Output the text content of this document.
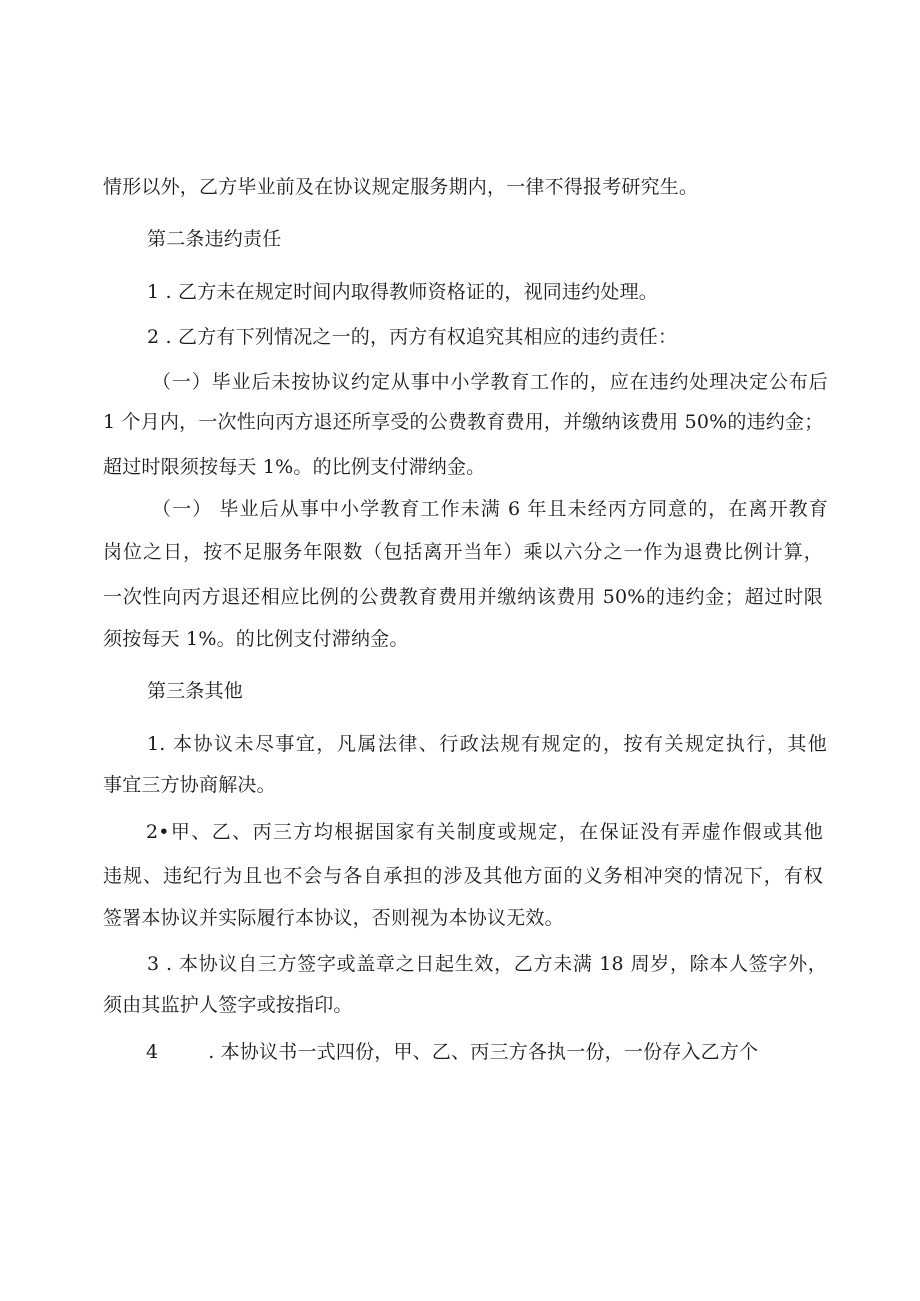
情形以外，乙方毕业前及在协议规定服务期内，一律不得报考研究生。
第二条违约责任
1 . 乙方未在规定时间内取得教师资格证的，视同违约处理。
2 . 乙方有下列情况之一的，丙方有权追究其相应的违约责任：
（一）毕业后未按协议约定从事中小学教育工作的，应在违约处理决定公布后
1 个月内，一次性向丙方退还所享受的公费教育费用，并缴纳该费用 50%的违约金；
超过时限须按每天 1%。的比例支付滞纳金。
（一） 毕业后从事中小学教育工作未满 6 年且未经丙方同意的，在离开教育
岗位之日，按不足服务年限数（包括离开当年）乘以六分之一作为退费比例计算，
一次性向丙方退还相应比例的公费教育费用并缴纳该费用 50%的违约金；超过时限
须按每天 1%。的比例支付滞纳金。
第三条其他
1. 本协议未尽事宜，凡属法律、行政法规有规定的，按有关规定执行，其他
事宜三方协商解决。
2•甲、乙、丙三方均根据国家有关制度或规定，在保证没有弄虚作假或其他
违规、违纪行为且也不会与各自承担的涉及其他方面的义务相冲突的情况下，有权
签署本协议并实际履行本协议，否则视为本协议无效。
3 . 本协议自三方签字或盖章之日起生效，乙方未满 18 周岁，除本人签字外，
须由其监护人签字或按指印。
4        . 本协议书一式四份，甲、乙、丙三方各执一份，一份存入乙方个
